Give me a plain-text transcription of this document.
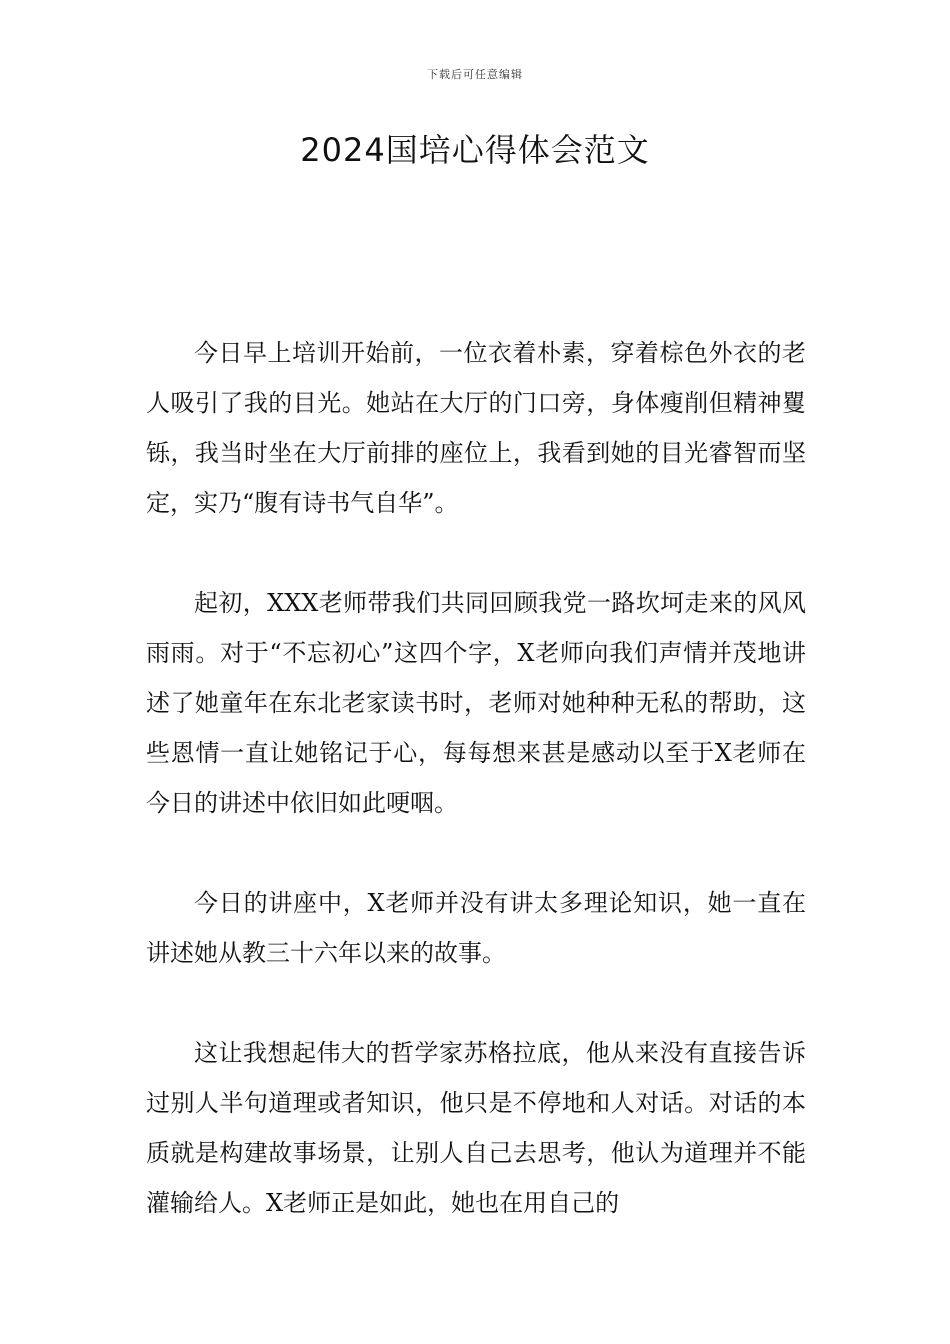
下载后可任意编辑
2024国培心得体会范文

今日早上培训开始前，一位衣着朴素，穿着棕色外衣的老人吸引了我的目光。她站在大厅的门口旁，身体瘦削但精神矍铄，我当时坐在大厅前排的座位上，我看到她的目光睿智而坚定，实乃“腹有诗书气自华”。

起初，XXX老师带我们共同回顾我党一路坎坷走来的风风雨雨。对于“不忘初心”这四个字，X老师向我们声情并茂地讲述了她童年在东北老家读书时，老师对她种种无私的帮助，这些恩情一直让她铭记于心，每每想来甚是感动以至于X老师在今日的讲述中依旧如此哽咽。

今日的讲座中，X老师并没有讲太多理论知识，她一直在讲述她从教三十六年以来的故事。

这让我想起伟大的哲学家苏格拉底，他从来没有直接告诉过别人半句道理或者知识，他只是不停地和人对话。对话的本质就是构建故事场景，让别人自己去思考，他认为道理并不能灌输给人。X老师正是如此，她也在用自己的
